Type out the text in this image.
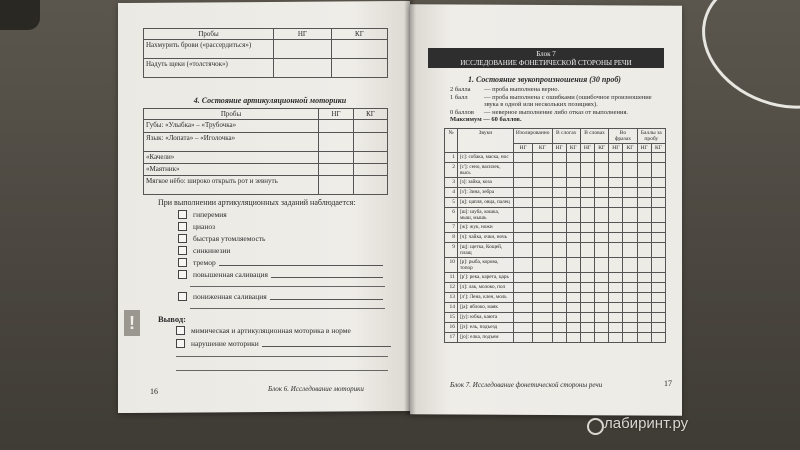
Пробы	НГ	КГ
Нахмурить брови («рассердиться»)		
Надуть щеки («толстячок»)		
4. Состояние артикуляционной моторики
Пробы	НГ	КГ
Губы: «Улыбка» – «Трубочка»		
Язык: «Лопата» – «Иголочка»		
«Качели»		
«Маятник»		
Мягкое нёбо: широко открыть рот и зевнуть		
При выполнении артикуляционных заданий наблюдается:
гиперемия
цианоз
быстрая утомляемость
синкинезии
тремор
повышенная саливация
пониженная саливация
!	Вывод:
мимическая и артикуляционная моторика в норме
нарушение моторики
16	Блок 6. Исследование моторики
Блок 7
ИССЛЕДОВАНИЕ ФОНЕТИЧЕСКОЙ СТОРОНЫ РЕЧИ
1. Состояние звукопроизношения (30 проб)
2 балла	— проба выполнена верно.
1 балл	— проба выполнена с ошибками (ошибочное произношение звука в одной или нескольких позициях).
0 баллов	— неверное выполнение либо отказ от выполнения.
Максимум — 60 баллов.
№	Звуки	Изолированно		В слогах		В словах		Во фразах		Баллы за пробу	
		НГ	КГ	НГ	КГ	НГ	КГ	НГ	КГ	НГ	КГ
1	[с]: собака, маска, нос										
2	[с']: сено, василек, высь										
3	[з]: зайка, коза										
4	[з']: Зина, зебра										
5	[ц]: цапля, овца, палец										
6	[ш]: шуба, кошка, мыш, мышь										
7	[ж]: жук, ножи										
8	[ч]: чайка, очки, ночь										
9	[щ]: щетка, Кощей, плащ										
10	[р]: рыба, корова, топор										
11	[р']: река, карета, царь										
12	[л]: лак, молоко, пол										
13	[л']: Лена, клен, моль										
14	[ja]: яблоко, маяк										
15	[jу]: юбка, каюта										
16	[jэ]: ель, подъезд										
17	[jо]: елка, подъем										
Блок 7. Исследование фонетической стороны речи	17
лабиринт.ру
